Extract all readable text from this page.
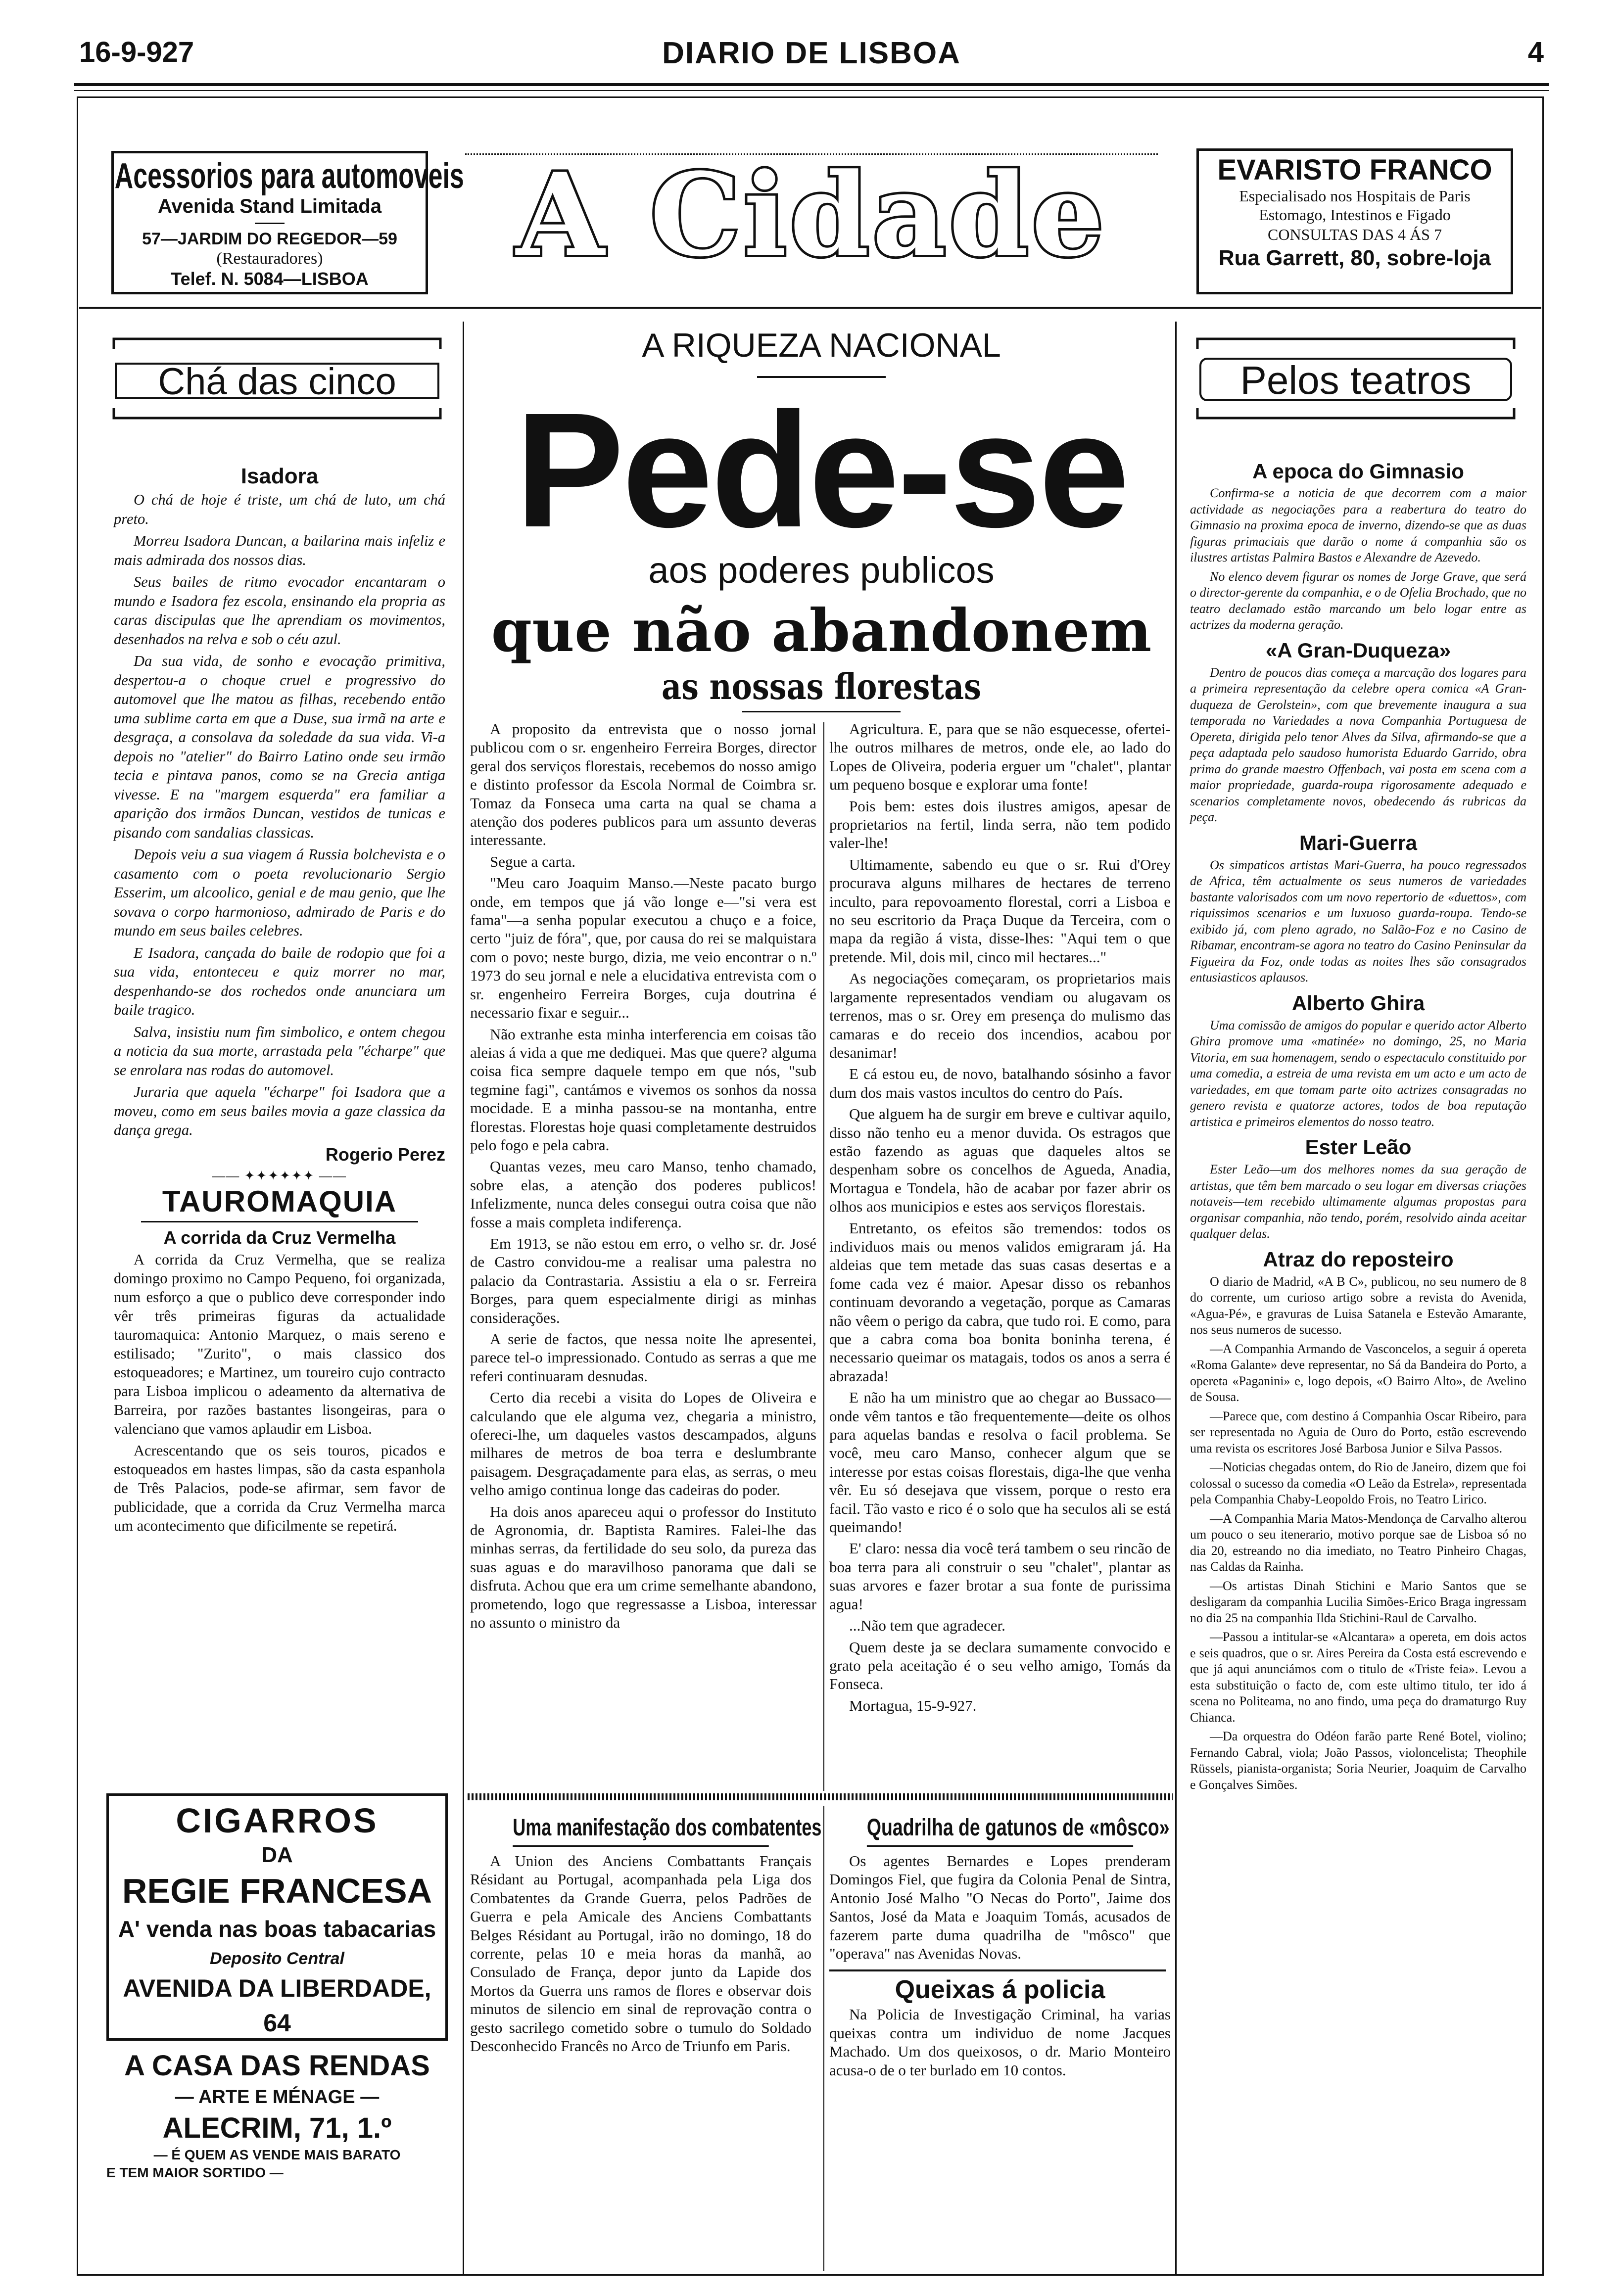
16-9-927	DIARIO DE LISBOA	4
Acessorios para automoveis
Avenida Stand Limitada
57—JARDIM DO REGEDOR—59
(Restauradores)
Telef. N. 5084—LISBOA	A Cidade	EVARISTO FRANCO
Especialisado nos Hospitais de Paris
Estomago, Intestinos e Figado
CONSULTAS DAS 4 ÁS 7
Rua Garrett, 80, sobre-loja
Chá das cinco
Isadora

O chá de hoje é triste, um chá de luto, um chá preto.

Morreu Isadora Duncan, a bailarina mais infeliz e mais admirada dos nossos dias.

Seus bailes de ritmo evocador encantaram o mundo e Isadora fez escola, ensinando ela propria as caras discipulas que lhe aprendiam os movimentos, desenhados na relva e sob o céu azul.

Da sua vida, de sonho e evocação primitiva, despertou-a o choque cruel e progressivo do automovel que lhe matou as filhas, recebendo então uma sublime carta em que a Duse, sua irmã na arte e desgraça, a consolava da soledade da sua vida. Vi-a depois no "atelier" do Bairro Latino onde seu irmão tecia e pintava panos, como se na Grecia antiga vivesse. E na "margem esquerda" era familiar a aparição dos irmãos Duncan, vestidos de tunicas e pisando com sandalias classicas.

Depois veiu a sua viagem á Russia bolchevista e o casamento com o poeta revolucionario Sergio Esserim, um alcoolico, genial e de mau genio, que lhe sovava o corpo harmonioso, admirado de Paris e do mundo em seus bailes celebres.

E Isadora, cançada do baile de rodopio que foi a sua vida, entonteceu e quiz morrer no mar, despenhando-se dos rochedos onde anunciara um baile tragico.

Salva, insistiu num fim simbolico, e ontem chegou a noticia da sua morte, arrastada pela "écharpe" que se enrolara nas rodas do automovel.

Juraria que aquela "écharpe" foi Isadora que a moveu, como em seus bailes movia a gaze classica da dança grega.

Rogerio Perez
—— ✦✦✦✦✦✦ ——
TAUROMAQUIA
A corrida da Cruz Vermelha

A corrida da Cruz Vermelha, que se realiza domingo proximo no Campo Pequeno, foi organizada, num esforço a que o publico deve corresponder indo vêr três primeiras figuras da actualidade tauromaquica: Antonio Marquez, o mais sereno e estilisado; "Zurito", o mais classico dos estoqueadores; e Martinez, um toureiro cujo contracto para Lisboa implicou o adeamento da alternativa de Barreira, por razões bastantes lisongeiras, para o valenciano que vamos aplaudir em Lisboa.

Acrescentando que os seis touros, picados e estoqueados em hastes limpas, são da casta espanhola de Três Palacios, pode-se afirmar, sem favor de publicidade, que a corrida da Cruz Vermelha marca um acontecimento que dificilmente se repetirá.

CIGARROS
DA
REGIE FRANCESA
A' venda nas boas tabacarias
Deposito Central
AVENIDA DA LIBERDADE, 64
A CASA DAS RENDAS
— ARTE E MÉNAGE —
ALECRIM, 71, 1.º
— É QUEM AS VENDE MAIS BARATO
E TEM MAIOR SORTIDO —
A RIQUEZA NACIONAL
Pede-se
aos poderes publicos
que não abandonem
as nossas florestas

A proposito da entrevista que o nosso jornal publicou com o sr. engenheiro Ferreira Borges, director geral dos serviços florestais, recebemos do nosso amigo e distinto professor da Escola Normal de Coimbra sr. Tomaz da Fonseca uma carta na qual se chama a atenção dos poderes publicos para um assunto deveras interessante.

Segue a carta.

"Meu caro Joaquim Manso.—Neste pacato burgo onde, em tempos que já vão longe e—"si vera est fama"—a senha popular executou a chuço e a foice, certo "juiz de fóra", que, por causa do rei se malquistara com o povo; neste burgo, dizia, me veio encontrar o n.º 1973 do seu jornal e nele a elucidativa entrevista com o sr. engenheiro Ferreira Borges, cuja doutrina é necessario fixar e seguir...

Não extranhe esta minha interferencia em coisas tão aleias á vida a que me dediquei. Mas que quere? alguma coisa fica sempre daquele tempo em que nós, "sub tegmine fagi", cantámos e vivemos os sonhos da nossa mocidade. E a minha passou-se na montanha, entre florestas. Florestas hoje quasi completamente destruidos pelo fogo e pela cabra.

Quantas vezes, meu caro Manso, tenho chamado, sobre elas, a atenção dos poderes publicos! Infelizmente, nunca deles consegui outra coisa que não fosse a mais completa indiferença.

Em 1913, se não estou em erro, o velho sr. dr. José de Castro convidou-me a realisar uma palestra no palacio da Contrastaria. Assistiu a ela o sr. Ferreira Borges, para quem especialmente dirigi as minhas considerações.

A serie de factos, que nessa noite lhe apresentei, parece tel-o impressionado. Contudo as serras a que me referi continuaram desnudas.

Certo dia recebi a visita do Lopes de Oliveira e calculando que ele alguma vez, chegaria a ministro, ofereci-lhe, um daqueles vastos descampados, alguns milhares de metros de boa terra e deslumbrante paisagem. Desgraçadamente para elas, as serras, o meu velho amigo continua longe das cadeiras do poder.

Ha dois anos apareceu aqui o professor do Instituto de Agronomia, dr. Baptista Ramires. Falei-lhe das minhas serras, da fertilidade do seu solo, da pureza das suas aguas e do maravilhoso panorama que dali se disfruta. Achou que era um crime semelhante abandono, prometendo, logo que regressasse a Lisboa, interessar no assunto o ministro da

Agricultura. E, para que se não esquecesse, ofertei-lhe outros milhares de metros, onde ele, ao lado do Lopes de Oliveira, poderia erguer um "chalet", plantar um pequeno bosque e explorar uma fonte!

Pois bem: estes dois ilustres amigos, apesar de proprietarios na fertil, linda serra, não tem podido valer-lhe!

Ultimamente, sabendo eu que o sr. Rui d'Orey procurava alguns milhares de hectares de terreno inculto, para repovoamento florestal, corri a Lisboa e no seu escritorio da Praça Duque da Terceira, com o mapa da região á vista, disse-lhes: "Aqui tem o que pretende. Mil, dois mil, cinco mil hectares..."

As negociações começaram, os proprietarios mais largamente representados vendiam ou alugavam os terrenos, mas o sr. Orey em presença do mulismo das camaras e do receio dos incendios, acabou por desanimar!

E cá estou eu, de novo, batalhando sósinho a favor dum dos mais vastos incultos do centro do País.

Que alguem ha de surgir em breve e cultivar aquilo, disso não tenho eu a menor duvida. Os estragos que estão fazendo as aguas que daqueles altos se despenham sobre os concelhos de Agueda, Anadia, Mortagua e Tondela, hão de acabar por fazer abrir os olhos aos municipios e estes aos serviços florestais.

Entretanto, os efeitos são tremendos: todos os individuos mais ou menos validos emigraram já. Ha aldeias que tem metade das suas casas desertas e a fome cada vez é maior. Apesar disso os rebanhos continuam devorando a vegetação, porque as Camaras não vêem o perigo da cabra, que tudo roi. E como, para que a cabra coma boa bonita boninha terena, é necessario queimar os matagais, todos os anos a serra é abrazada!

E não ha um ministro que ao chegar ao Bussaco—onde vêm tantos e tão frequentemente—deite os olhos para aquelas bandas e resolva o facil problema. Se você, meu caro Manso, conhecer algum que se interesse por estas coisas florestais, diga-lhe que venha vêr. Eu só desejava que vissem, porque o resto era facil. Tão vasto e rico é o solo que ha seculos ali se está queimando!

E' claro: nessa dia você terá tambem o seu rincão de boa terra para ali construir o seu "chalet", plantar as suas arvores e fazer brotar a sua fonte de purissima agua!

...Não tem que agradecer.

Quem deste ja se declara sumamente convocido e grato pela aceitação é o seu velho amigo, Tomás da Fonseca.

Mortagua, 15-9-927.

Uma manifestação dos combatentes

A Union des Anciens Combattants Français Résidant au Portugal, acompanhada pela Liga dos Combatentes da Grande Guerra, pelos Padrões de Guerra e pela Amicale des Anciens Combattants Belges Résidant au Portugal, irão no domingo, 18 do corrente, pelas 10 e meia horas da manhã, ao Consulado de França, depor junto da Lapide dos Mortos da Guerra uns ramos de flores e observar dois minutos de silencio em sinal de reprovação contra o gesto sacrilego cometido sobre o tumulo do Soldado Desconhecido Francês no Arco de Triunfo em Paris.

Quadrilha de gatunos de «môsco»

Os agentes Bernardes e Lopes prenderam Domingos Fiel, que fugira da Colonia Penal de Sintra, Antonio José Malho "O Necas do Porto", Jaime dos Santos, José da Mata e Joaquim Tomás, acusados de fazerem parte duma quadrilha de "môsco" que "operava" nas Avenidas Novas.

Queixas á policia

Na Policia de Investigação Criminal, ha varias queixas contra um individuo de nome Jacques Machado. Um dos queixosos, o dr. Mario Monteiro acusa-o de o ter burlado em 10 contos.

Pelos teatros
A epoca do Gimnasio

Confirma-se a noticia de que decorrem com a maior actividade as negociações para a reabertura do teatro do Gimnasio na proxima epoca de inverno, dizendo-se que as duas figuras primaciais que darão o nome á companhia são os ilustres artistas Palmira Bastos e Alexandre de Azevedo.

No elenco devem figurar os nomes de Jorge Grave, que será o director-gerente da companhia, e o de Ofelia Brochado, que no teatro declamado estão marcando um belo logar entre as actrizes da moderna geração.

«A Gran-Duqueza»

Dentro de poucos dias começa a marcação dos logares para a primeira representação da celebre opera comica «A Gran-duqueza de Gerolstein», com que brevemente inaugura a sua temporada no Variedades a nova Companhia Portuguesa de Opereta, dirigida pelo tenor Alves da Silva, afirmando-se que a peça adaptada pelo saudoso humorista Eduardo Garrido, obra prima do grande maestro Offenbach, vai posta em scena com a maior propriedade, guarda-roupa rigorosamente adequado e scenarios completamente novos, obedecendo ás rubricas da peça.

Mari-Guerra

Os simpaticos artistas Mari-Guerra, ha pouco regressados de Africa, têm actualmente os seus numeros de variedades bastante valorisados com um novo repertorio de «duettos», com riquissimos scenarios e um luxuoso guarda-roupa. Tendo-se exibido já, com pleno agrado, no Salão-Foz e no Casino de Ribamar, encontram-se agora no teatro do Casino Peninsular da Figueira da Foz, onde todas as noites lhes são consagrados entusiasticos aplausos.

Alberto Ghira

Uma comissão de amigos do popular e querido actor Alberto Ghira promove uma «matinée» no domingo, 25, no Maria Vitoria, em sua homenagem, sendo o espectaculo constituido por uma comedia, a estreia de uma revista em um acto e um acto de variedades, em que tomam parte oito actrizes consagradas no genero revista e quatorze actores, todos de boa reputação artistica e primeiros elementos do nosso teatro.

Ester Leão

Ester Leão—um dos melhores nomes da sua geração de artistas, que têm bem marcado o seu logar em diversas criações notaveis—tem recebido ultimamente algumas propostas para organisar companhia, não tendo, porém, resolvido ainda aceitar qualquer delas.

Atraz do reposteiro

O diario de Madrid, «A B C», publicou, no seu numero de 8 do corrente, um curioso artigo sobre a revista do Avenida, «Agua-Pé», e gravuras de Luisa Satanela e Estevão Amarante, nos seus numeros de sucesso.

—A Companhia Armando de Vasconcelos, a seguir á opereta «Roma Galante» deve representar, no Sá da Bandeira do Porto, a opereta «Paganini» e, logo depois, «O Bairro Alto», de Avelino de Sousa.

—Parece que, com destino á Companhia Oscar Ribeiro, para ser representada no Aguia de Ouro do Porto, estão escrevendo uma revista os escritores José Barbosa Junior e Silva Passos.

—Noticias chegadas ontem, do Rio de Janeiro, dizem que foi colossal o sucesso da comedia «O Leão da Estrela», representada pela Companhia Chaby-Leopoldo Frois, no Teatro Lirico.

—A Companhia Maria Matos-Mendonça de Carvalho alterou um pouco o seu itenerario, motivo porque sae de Lisboa só no dia 20, estreando no dia imediato, no Teatro Pinheiro Chagas, nas Caldas da Rainha.

—Os artistas Dinah Stichini e Mario Santos que se desligaram da companhia Lucilia Simões-Erico Braga ingressam no dia 25 na companhia Ilda Stichini-Raul de Carvalho.

—Passou a intitular-se «Alcantara» a opereta, em dois actos e seis quadros, que o sr. Aires Pereira da Costa está escrevendo e que já aqui anunciámos com o titulo de «Triste feia». Levou a esta substituição o facto de, com este ultimo titulo, ter ido á scena no Politeama, no ano findo, uma peça do dramaturgo Ruy Chianca.

—Da orquestra do Odéon farão parte René Botel, violino; Fernando Cabral, viola; João Passos, violoncelista; Theophile Rüssels, pianista-organista; Soria Neurier, Joaquim de Carvalho e Gonçalves Simões.
